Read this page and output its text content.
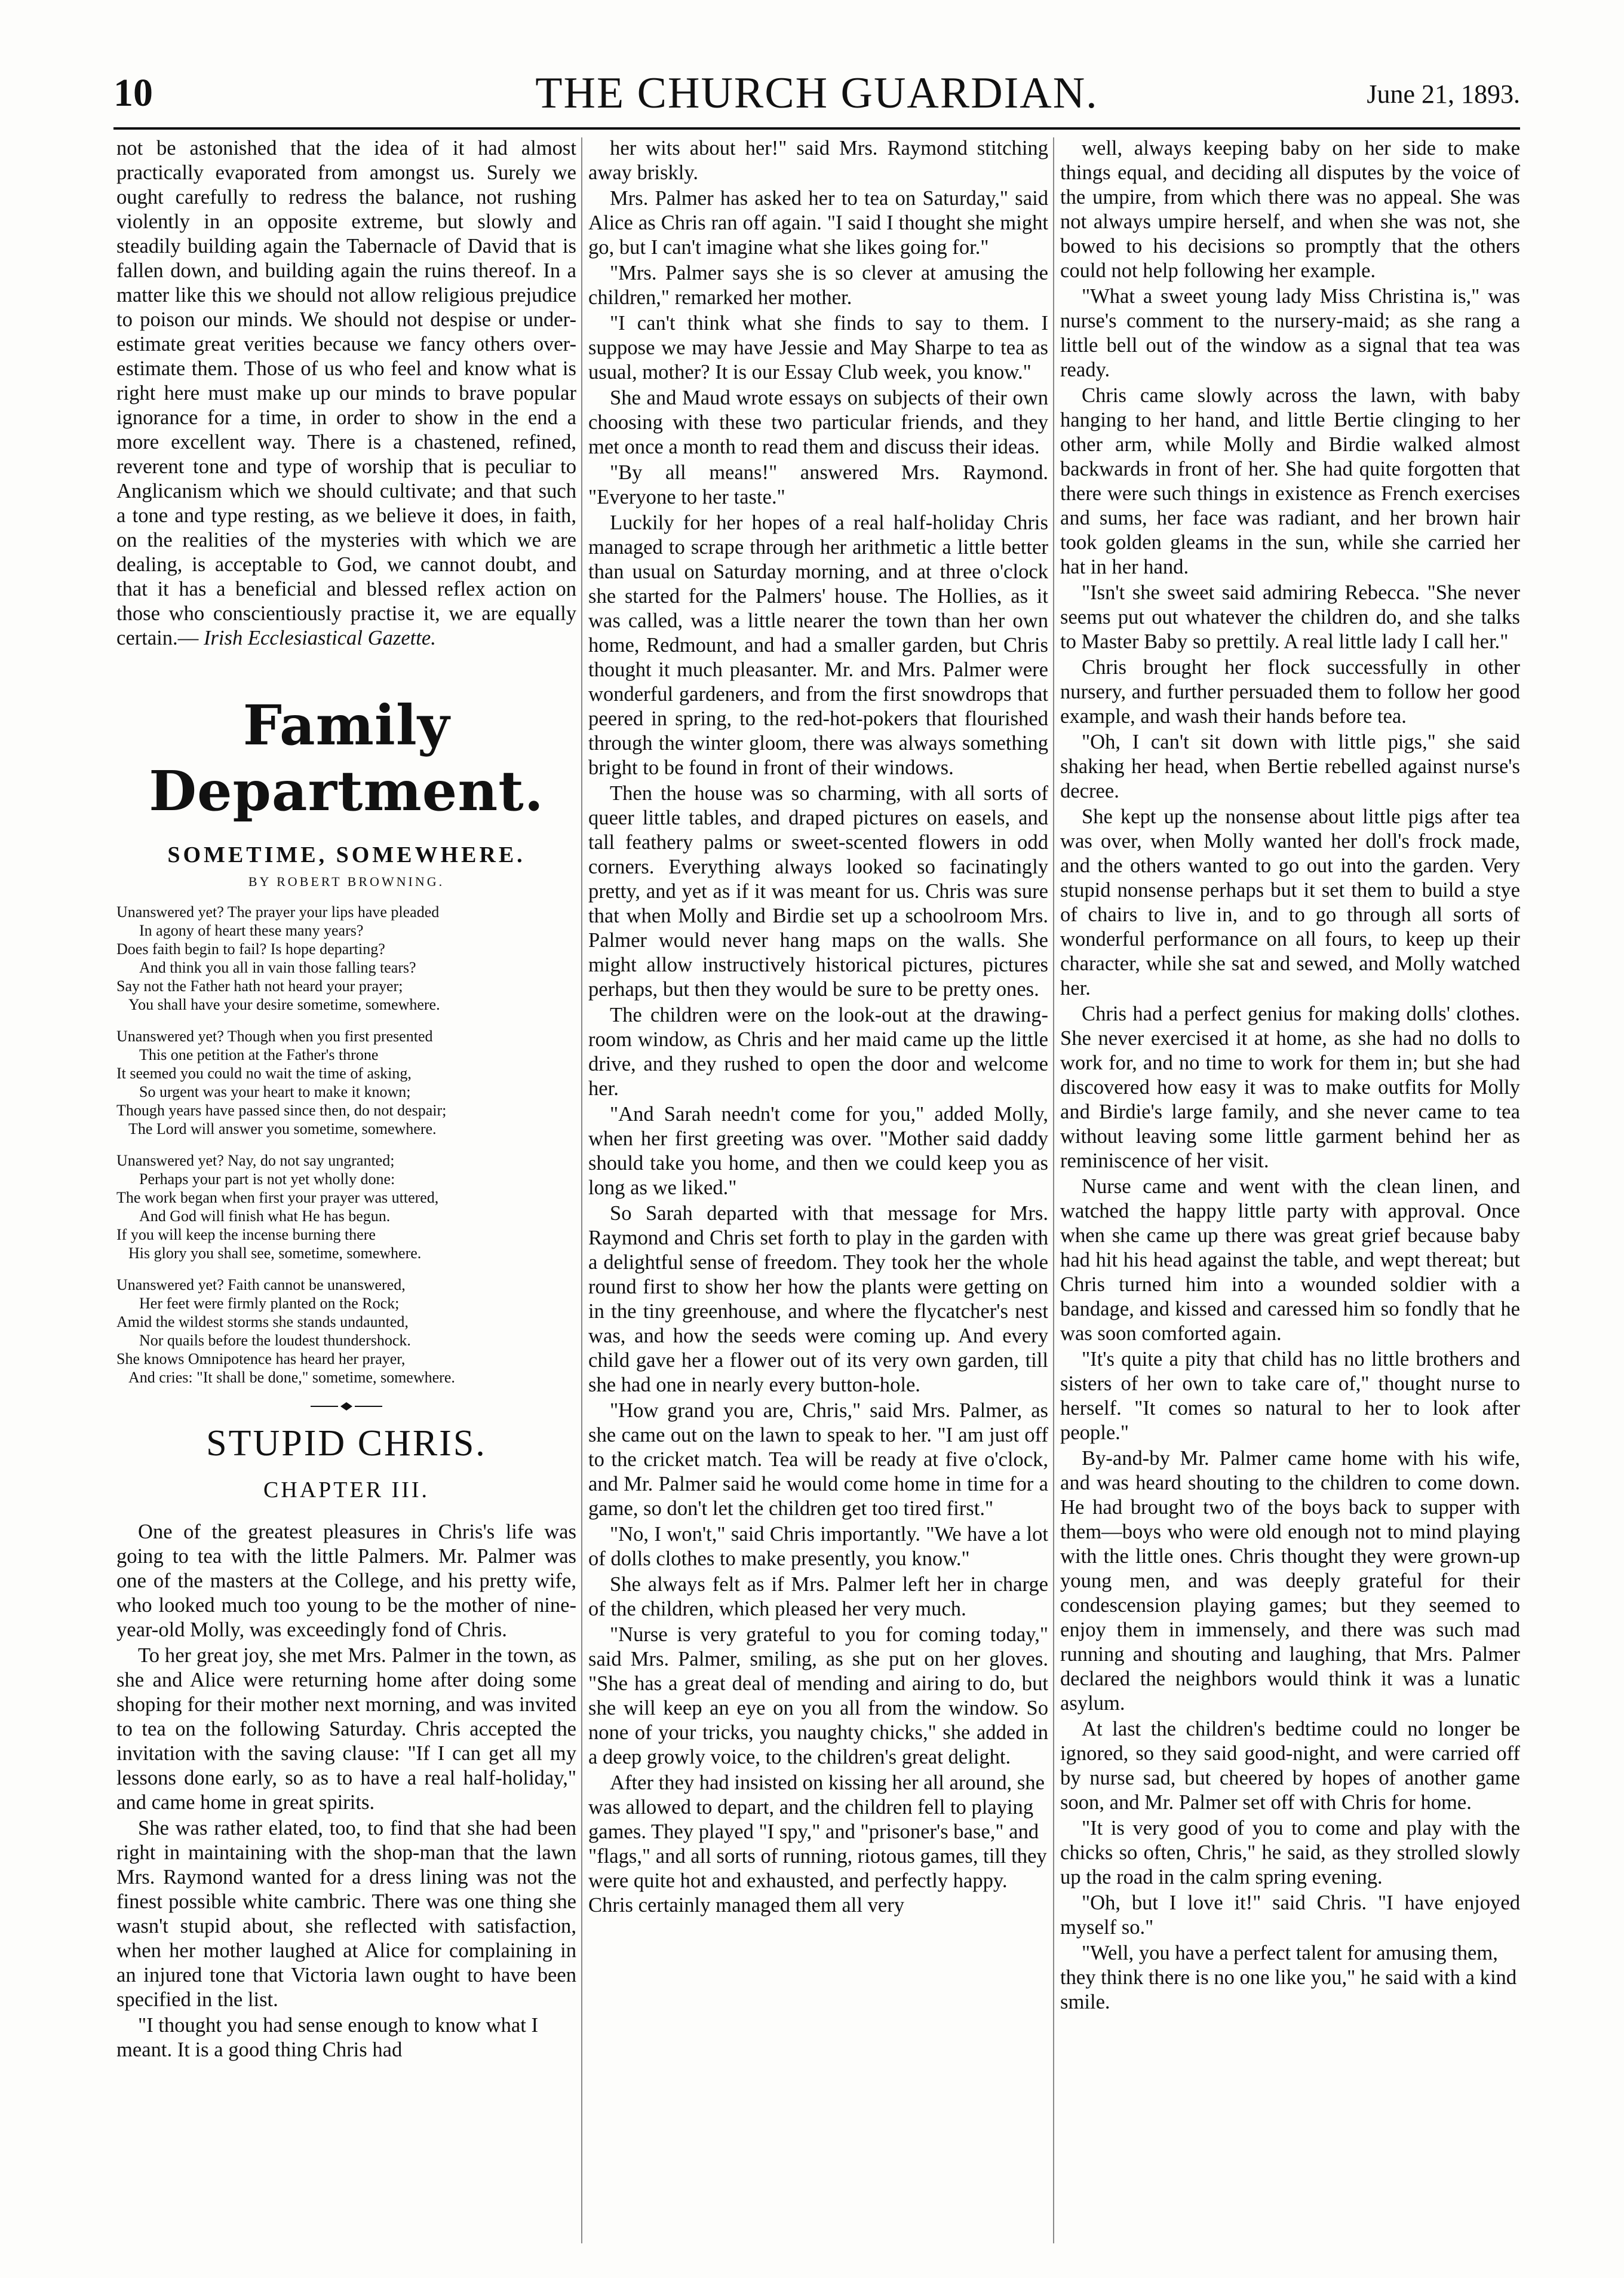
10	THE CHURCH GUARDIAN.	June 21, 1893.

not be astonished that the idea of it had almost practically evaporated from amongst us. Surely we ought carefully to redress the balance, not rushing violently in an opposite extreme, but slowly and steadily building again the Tabernacle of David that is fallen down, and building again the ruins thereof. In a matter like this we should not allow religious prejudice to poison our minds. We should not despise or under-estimate great verities because we fancy others over-estimate them. Those of us who feel and know what is right here must make up our minds to brave popular ignorance for a time, in order to show in the end a more excellent way. There is a chastened, refined, reverent tone and type of worship that is peculiar to Anglicanism which we should cultivate; and that such a tone and type resting, as we believe it does, in faith, on the realities of the mysteries with which we are dealing, is acceptable to God, we cannot doubt, and that it has a beneficial and blessed reflex action on those who conscientiously practise it, we are equally certain.— Irish Ecclesiastical Gazette.

Family Department.
SOMETIME, SOMEWHERE.
BY ROBERT BROWNING.
Unanswered yet? The prayer your lips have pleaded
In agony of heart these many years?
Does faith begin to fail? Is hope departing?
And think you all in vain those falling tears?
Say not the Father hath not heard your prayer;
You shall have your desire sometime, somewhere.
Unanswered yet? Though when you first presented
This one petition at the Father's throne
It seemed you could no wait the time of asking,
So urgent was your heart to make it known;
Though years have passed since then, do not despair;
The Lord will answer you sometime, somewhere.
Unanswered yet? Nay, do not say ungranted;
Perhaps your part is not yet wholly done:
The work began when first your prayer was uttered,
And God will finish what He has begun.
If you will keep the incense burning there
His glory you shall see, sometime, somewhere.
Unanswered yet? Faith cannot be unanswered,
Her feet were firmly planted on the Rock;
Amid the wildest storms she stands undaunted,
Nor quails before the loudest thundershock.
She knows Omnipotence has heard her prayer,
And cries: "It shall be done," sometime, somewhere.
STUPID CHRIS.
CHAPTER III.

One of the greatest pleasures in Chris's life was going to tea with the little Palmers. Mr. Palmer was one of the masters at the College, and his pretty wife, who looked much too young to be the mother of nine-year-old Molly, was exceedingly fond of Chris.

To her great joy, she met Mrs. Palmer in the town, as she and Alice were returning home after doing some shoping for their mother next morning, and was invited to tea on the following Saturday. Chris accepted the invitation with the saving clause: "If I can get all my lessons done early, so as to have a real half-holiday," and came home in great spirits.

She was rather elated, too, to find that she had been right in maintaining with the shop-man that the lawn Mrs. Raymond wanted for a dress lining was not the finest possible white cambric. There was one thing she wasn't stupid about, she reflected with satisfaction, when her mother laughed at Alice for complaining in an injured tone that Victoria lawn ought to have been specified in the list.

"I thought you had sense enough to know what I meant. It is a good thing Chris had

her wits about her!" said Mrs. Raymond stitching away briskly.

Mrs. Palmer has asked her to tea on Saturday," said Alice as Chris ran off again. "I said I thought she might go, but I can't imagine what she likes going for."

"Mrs. Palmer says she is so clever at amusing the children," remarked her mother.

"I can't think what she finds to say to them. I suppose we may have Jessie and May Sharpe to tea as usual, mother? It is our Essay Club week, you know."

She and Maud wrote essays on subjects of their own choosing with these two particular friends, and they met once a month to read them and discuss their ideas.

"By all means!" answered Mrs. Raymond. "Everyone to her taste."

Luckily for her hopes of a real half-holiday Chris managed to scrape through her arithmetic a little better than usual on Saturday morning, and at three o'clock she started for the Palmers' house. The Hollies, as it was called, was a little nearer the town than her own home, Redmount, and had a smaller garden, but Chris thought it much pleasanter. Mr. and Mrs. Palmer were wonderful gardeners, and from the first snowdrops that peered in spring, to the red-hot-pokers that flourished through the winter gloom, there was always something bright to be found in front of their windows.

Then the house was so charming, with all sorts of queer little tables, and draped pictures on easels, and tall feathery palms or sweet-scented flowers in odd corners. Everything always looked so facinatingly pretty, and yet as if it was meant for us. Chris was sure that when Molly and Birdie set up a schoolroom Mrs. Palmer would never hang maps on the walls. She might allow instructively historical pictures, pictures perhaps, but then they would be sure to be pretty ones.

The children were on the look-out at the drawing-room window, as Chris and her maid came up the little drive, and they rushed to open the door and welcome her.

"And Sarah needn't come for you," added Molly, when her first greeting was over. "Mother said daddy should take you home, and then we could keep you as long as we liked."

So Sarah departed with that message for Mrs. Raymond and Chris set forth to play in the garden with a delightful sense of freedom. They took her the whole round first to show her how the plants were getting on in the tiny greenhouse, and where the flycatcher's nest was, and how the seeds were coming up. And every child gave her a flower out of its very own garden, till she had one in nearly every button-hole.

"How grand you are, Chris," said Mrs. Palmer, as she came out on the lawn to speak to her. "I am just off to the cricket match. Tea will be ready at five o'clock, and Mr. Palmer said he would come home in time for a game, so don't let the children get too tired first."

"No, I won't," said Chris importantly. "We have a lot of dolls clothes to make presently, you know."

She always felt as if Mrs. Palmer left her in charge of the children, which pleased her very much.

"Nurse is very grateful to you for coming today," said Mrs. Palmer, smiling, as she put on her gloves. "She has a great deal of mending and airing to do, but she will keep an eye on you all from the window. So none of your tricks, you naughty chicks," she added in a deep growly voice, to the children's great delight.

After they had insisted on kissing her all around, she was allowed to depart, and the children fell to playing games. They played "I spy," and "prisoner's base," and "flags," and all sorts of running, riotous games, till they were quite hot and exhausted, and perfectly happy. Chris certainly managed them all very

well, always keeping baby on her side to make things equal, and deciding all disputes by the voice of the umpire, from which there was no appeal. She was not always umpire herself, and when she was not, she bowed to his decisions so promptly that the others could not help following her example.

"What a sweet young lady Miss Christina is," was nurse's comment to the nursery-maid; as she rang a little bell out of the window as a signal that tea was ready.

Chris came slowly across the lawn, with baby hanging to her hand, and little Bertie clinging to her other arm, while Molly and Birdie walked almost backwards in front of her. She had quite forgotten that there were such things in existence as French exercises and sums, her face was radiant, and her brown hair took golden gleams in the sun, while she carried her hat in her hand.

"Isn't she sweet said admiring Rebecca. "She never seems put out whatever the children do, and she talks to Master Baby so prettily. A real little lady I call her."

Chris brought her flock successfully in other nursery, and further persuaded them to follow her good example, and wash their hands before tea.

"Oh, I can't sit down with little pigs," she said shaking her head, when Bertie rebelled against nurse's decree.

She kept up the nonsense about little pigs after tea was over, when Molly wanted her doll's frock made, and the others wanted to go out into the garden. Very stupid nonsense perhaps but it set them to build a stye of chairs to live in, and to go through all sorts of wonderful performance on all fours, to keep up their character, while she sat and sewed, and Molly watched her.

Chris had a perfect genius for making dolls' clothes. She never exercised it at home, as she had no dolls to work for, and no time to work for them in; but she had discovered how easy it was to make outfits for Molly and Birdie's large family, and she never came to tea without leaving some little garment behind her as reminiscence of her visit.

Nurse came and went with the clean linen, and watched the happy little party with approval. Once when she came up there was great grief because baby had hit his head against the table, and wept thereat; but Chris turned him into a wounded soldier with a bandage, and kissed and caressed him so fondly that he was soon comforted again.

"It's quite a pity that child has no little brothers and sisters of her own to take care of," thought nurse to herself. "It comes so natural to her to look after people."

By-and-by Mr. Palmer came home with his wife, and was heard shouting to the children to come down. He had brought two of the boys back to supper with them—boys who were old enough not to mind playing with the little ones. Chris thought they were grown-up young men, and was deeply grateful for their condescension playing games; but they seemed to enjoy them in immensely, and there was such mad running and shouting and laughing, that Mrs. Palmer declared the neighbors would think it was a lunatic asylum.

At last the children's bedtime could no longer be ignored, so they said good-night, and were carried off by nurse sad, but cheered by hopes of another game soon, and Mr. Palmer set off with Chris for home.

"It is very good of you to come and play with the chicks so often, Chris," he said, as they strolled slowly up the road in the calm spring evening.

"Oh, but I love it!" said Chris. "I have enjoyed myself so."

"Well, you have a perfect talent for amusing them, they think there is no one like you," he said with a kind smile.
